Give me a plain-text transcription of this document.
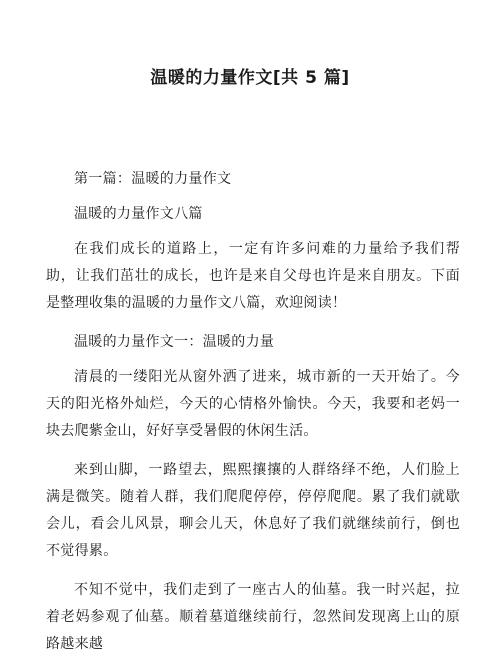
温暖的力量作文[共 5 篇]

第一篇：温暖的力量作文

温暖的力量作文八篇

在我们成长的道路上，一定有许多问难的力量给予我们帮助，让我们茁壮的成长，也许是来自父母也许是来自朋友。下面是整理收集的温暖的力量作文八篇，欢迎阅读！

温暖的力量作文一：温暖的力量

清晨的一缕阳光从窗外洒了进来，城市新的一天开始了。今天的阳光格外灿烂，今天的心情格外愉快。今天，我要和老妈一块去爬紫金山，好好享受暑假的休闲生活。

来到山脚，一路望去，熙熙攘攘的人群络绎不绝，人们脸上满是微笑。随着人群，我们爬爬停停，停停爬爬。累了我们就歇会儿，看会儿风景，聊会儿天，休息好了我们就继续前行，倒也不觉得累。

不知不觉中，我们走到了一座古人的仙墓。我一时兴起，拉着老妈参观了仙墓。顺着墓道继续前行，忽然间发现离上山的原路越来越
